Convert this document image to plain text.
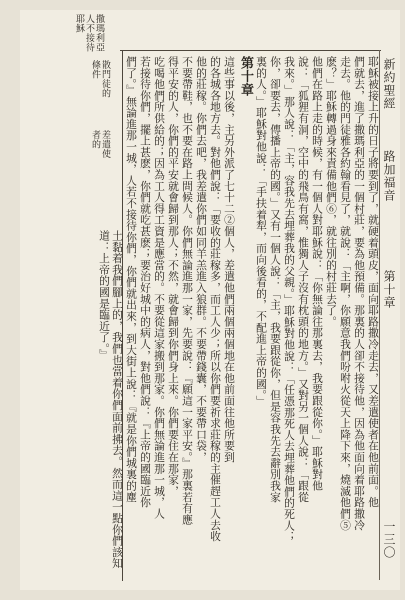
新約聖經
路加福音
第十章
一三〇
撒瑪利亞
人不接待
耶穌
差遣使
者的
散門徒的
條件	耶穌被接上升的日子將要到了，就硬着頭皮，面向耶路撒冷走去，又差遣使者在他前面。他
們就去，進了撒瑪利亞的一個村莊，要為他預備。那裏的人卻不接待他，因為他面向着耶路撒冷
走去。他的門徒雅各約翰看見了，就說：「主啊，你願意我們吩咐火從天上降下來，燒滅他們⑤
麽？」耶穌轉過身來責備他們⑥，就往別的村莊去了。
他們在路上走的時候，有一個人對耶穌說：「你無論往那裏去，我要跟從你。」耶穌對他
說：「狐狸有洞，空中的飛鳥有窩，惟獨人子沒有枕頭的地方。」又對另一個人說：「跟從
我來。」那人說：「主，容我先去埋葬我的父親。」耶穌對他說：「任憑那死人去埋葬他們的死人；
你，卻要去，傳播上帝的國。」又有一個人說：「主，我要跟從你，但是容我先去辭別我家
裏的人。」耶穌對他說：「手扶着犁，而向後看的，不配進上帝的國。」
第十章
這些事以後，主另外派了七十二②個人，差遣他們兩個兩個地在他前面往他所要到
的各城各地方去。對他們說：「要收的莊稼多，而工人少；所以你們要祈求莊稼的主催趕工人去收
他的莊稼。你們去吧，我差遣你們如同羊羔進入狼群。不要帶錢囊，不要帶口袋，
不要帶鞋，也不要在路上問候人。你們無論進那一家，先要說：『願這一家平安。』那裏若有應
得平安的人，你們的平安就會歸到那人；不然，就會歸到你們身上來。你們要住在那家，
吃喝他們所供給的；因為工人得工資是應當的。不要從這家搬到那家。你們無論進那一城，人
若接待你們，擺上甚麽，你們就吃甚麽；要治好城中的病人，對他們說：『上帝的國臨近你
們了。』無論進那一城，人若不接待你們，你們就出來，到大街上說：『就是你們城裏的塵
土黏着我們腳上的，我們也當着你們面前拂去。然而這一點你們該知道：上帝的國是臨近了。』
